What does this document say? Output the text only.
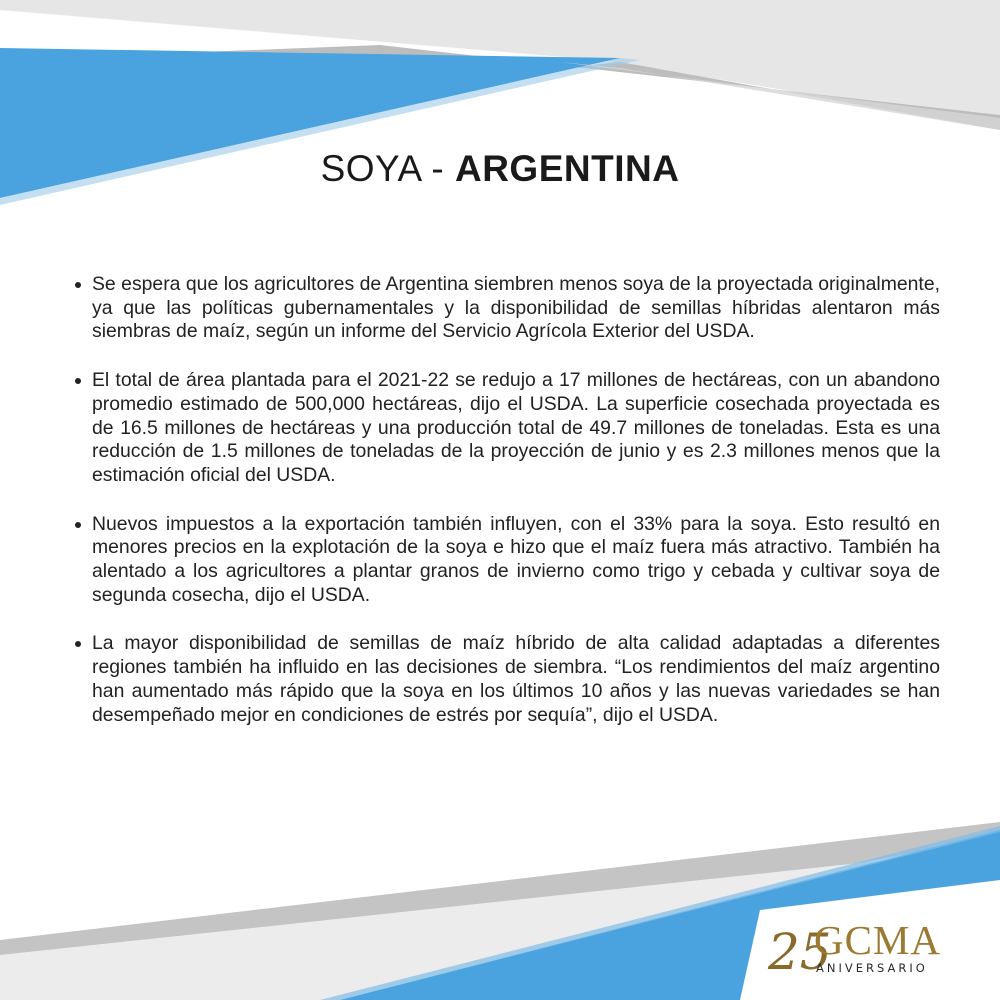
SOYA - ARGENTINA
Se espera que los agricultores de Argentina siembren menos soya de la proyectada originalmente, ya que las políticas gubernamentales y la disponibilidad de semillas híbridas alentaron más siembras de maíz, según un informe del Servicio Agrícola Exterior del USDA.
El total de área plantada para el 2021-22 se redujo a 17 millones de hectáreas, con un abandono promedio estimado de 500,000 hectáreas, dijo el USDA. La superficie cosechada proyectada es de 16.5 millones de hectáreas y una producción total de 49.7 millones de toneladas. Esta es una reducción de 1.5 millones de toneladas de la proyección de junio y es 2.3 millones menos que la estimación oficial del USDA.
Nuevos impuestos a la exportación también influyen, con el 33% para la soya. Esto resultó en menores precios en la explotación de la soya e hizo que el maíz fuera más atractivo. También ha alentado a los agricultores a plantar granos de invierno como trigo y cebada y cultivar soya de segunda cosecha, dijo el USDA.
La mayor disponibilidad de semillas de maíz híbrido de alta calidad adaptadas a diferentes regiones también ha influido en las decisiones de siembra. “Los rendimientos del maíz argentino han aumentado más rápido que la soya en los últimos 10 años y las nuevas variedades se han desempeñado mejor en condiciones de estrés por sequía”, dijo el USDA.
25
GCMA
ANIVERSARIO
